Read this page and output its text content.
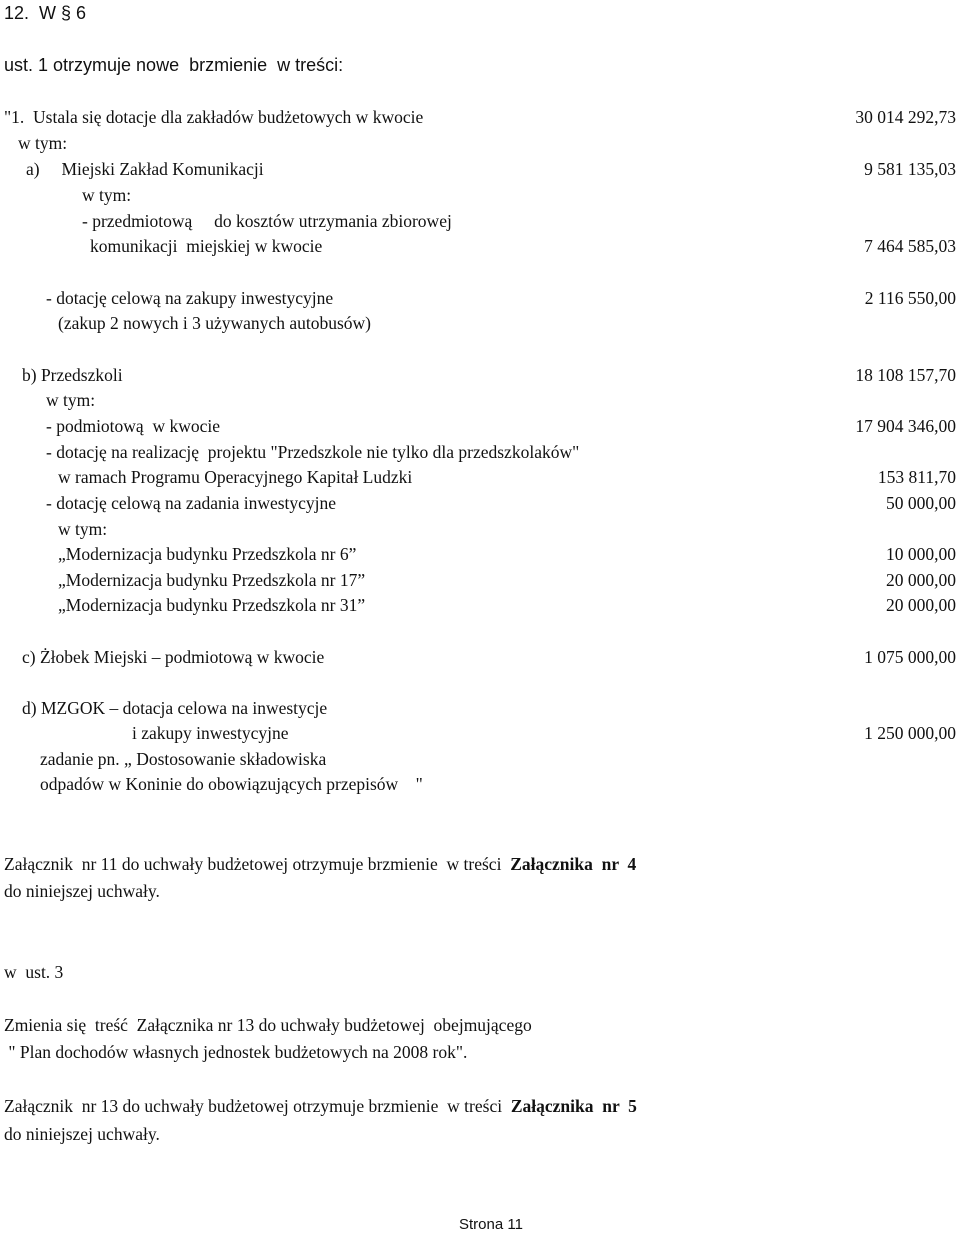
12.  W § 6
ust. 1 otrzymuje nowe  brzmienie  w treści:
"1.  Ustala się dotacje dla zakładów budżetowych w kwocie	30 014 292,73
w tym:
a)     Miejski Zakład Komunikacji	9 581 135,03
w tym:
- przedmiotową     do kosztów utrzymania zbiorowej
komunikacji  miejskiej w kwocie	7 464 585,03
- dotację celową na zakupy inwestycyjne	2 116 550,00
(zakup 2 nowych i 3 używanych autobusów)
b) Przedszkoli	18 108 157,70
w tym:
- podmiotową  w kwocie	17 904 346,00
- dotację na realizację  projektu "Przedszkole nie tylko dla przedszkolaków"
w ramach Programu Operacyjnego Kapitał Ludzki	153 811,70
- dotację celową na zadania inwestycyjne	50 000,00
w tym:
„Modernizacja budynku Przedszkola nr 6”	10 000,00
„Modernizacja budynku Przedszkola nr 17”	20 000,00
„Modernizacja budynku Przedszkola nr 31”	20 000,00
c) Żłobek Miejski – podmiotową w kwocie	1 075 000,00
d) MZGOK – dotacja celowa na inwestycje
i zakupy inwestycyjne	1 250 000,00
zadanie pn. „ Dostosowanie składowiska
odpadów w Koninie do obowiązujących przepisów    "
Załącznik  nr 11 do uchwały budżetowej otrzymuje brzmienie  w treści  Załącznika  nr  4
do niniejszej uchwały.
w  ust. 3
Zmienia się  treść  Załącznika nr 13 do uchwały budżetowej  obejmującego
" Plan dochodów własnych jednostek budżetowych na 2008 rok".
Załącznik  nr 13 do uchwały budżetowej otrzymuje brzmienie  w treści  Załącznika  nr  5
do niniejszej uchwały.
Strona 11
